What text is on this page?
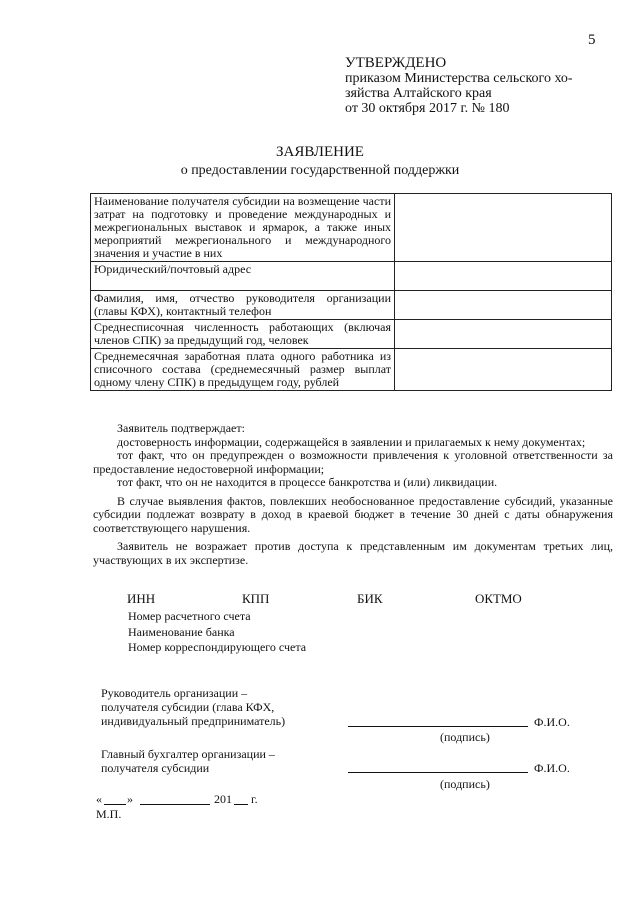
5
УТВЕРЖДЕНО
приказом Министерства сельского хо-
зяйства Алтайского края
от 30 октября 2017 г. № 180
ЗАЯВЛЕНИЕ
о предоставлении государственной поддержки
Наименование получателя субсидии на возмещение части затрат на подготовку и проведение международных и межрегиональных выставок и ярмарок, а также иных мероприятий межрегионального и международного значения и участие в них	
Юридический/почтовый адрес	
Фамилия, имя, отчество руководителя организации (главы КФХ), контактный телефон	
Среднесписочная численность работающих (включая членов СПК) за предыдущий год, человек	
Среднемесячная заработная плата одного работника из списочного состава (среднемесячный размер выплат одному члену СПК) в предыдущем году, рублей	

Заявитель подтверждает:

достоверность информации, содержащейся в заявлении и прилагаемых к нему документах;

тот факт, что он предупрежден о возможности привлечения к уголовной ответственности за предоставление недостоверной информации;

тот факт, что он не находится в процессе банкротства и (или) ликвидации.

В случае выявления фактов, повлекших необоснованное предоставление субсидий, указанные субсидии подлежат возврату в доход в краевой бюджет в течение 30 дней с даты обнаружения соответствующего нарушения.

Заявитель не возражает против доступа к представленным им документам третьих лиц, участвующих в их экспертизе.

ИНН	КПП	БИК	ОКТМО
Номер расчетного счета
Наименование банка
Номер корреспондирующего счета
Руководитель организации –
получателя субсидии (глава КФХ,
индивидуальный предприниматель)	Ф.И.О.
(подпись)
Главный бухгалтер организации –
получателя субсидии	Ф.И.О.
(подпись)
« »	201 г.
М.П.
